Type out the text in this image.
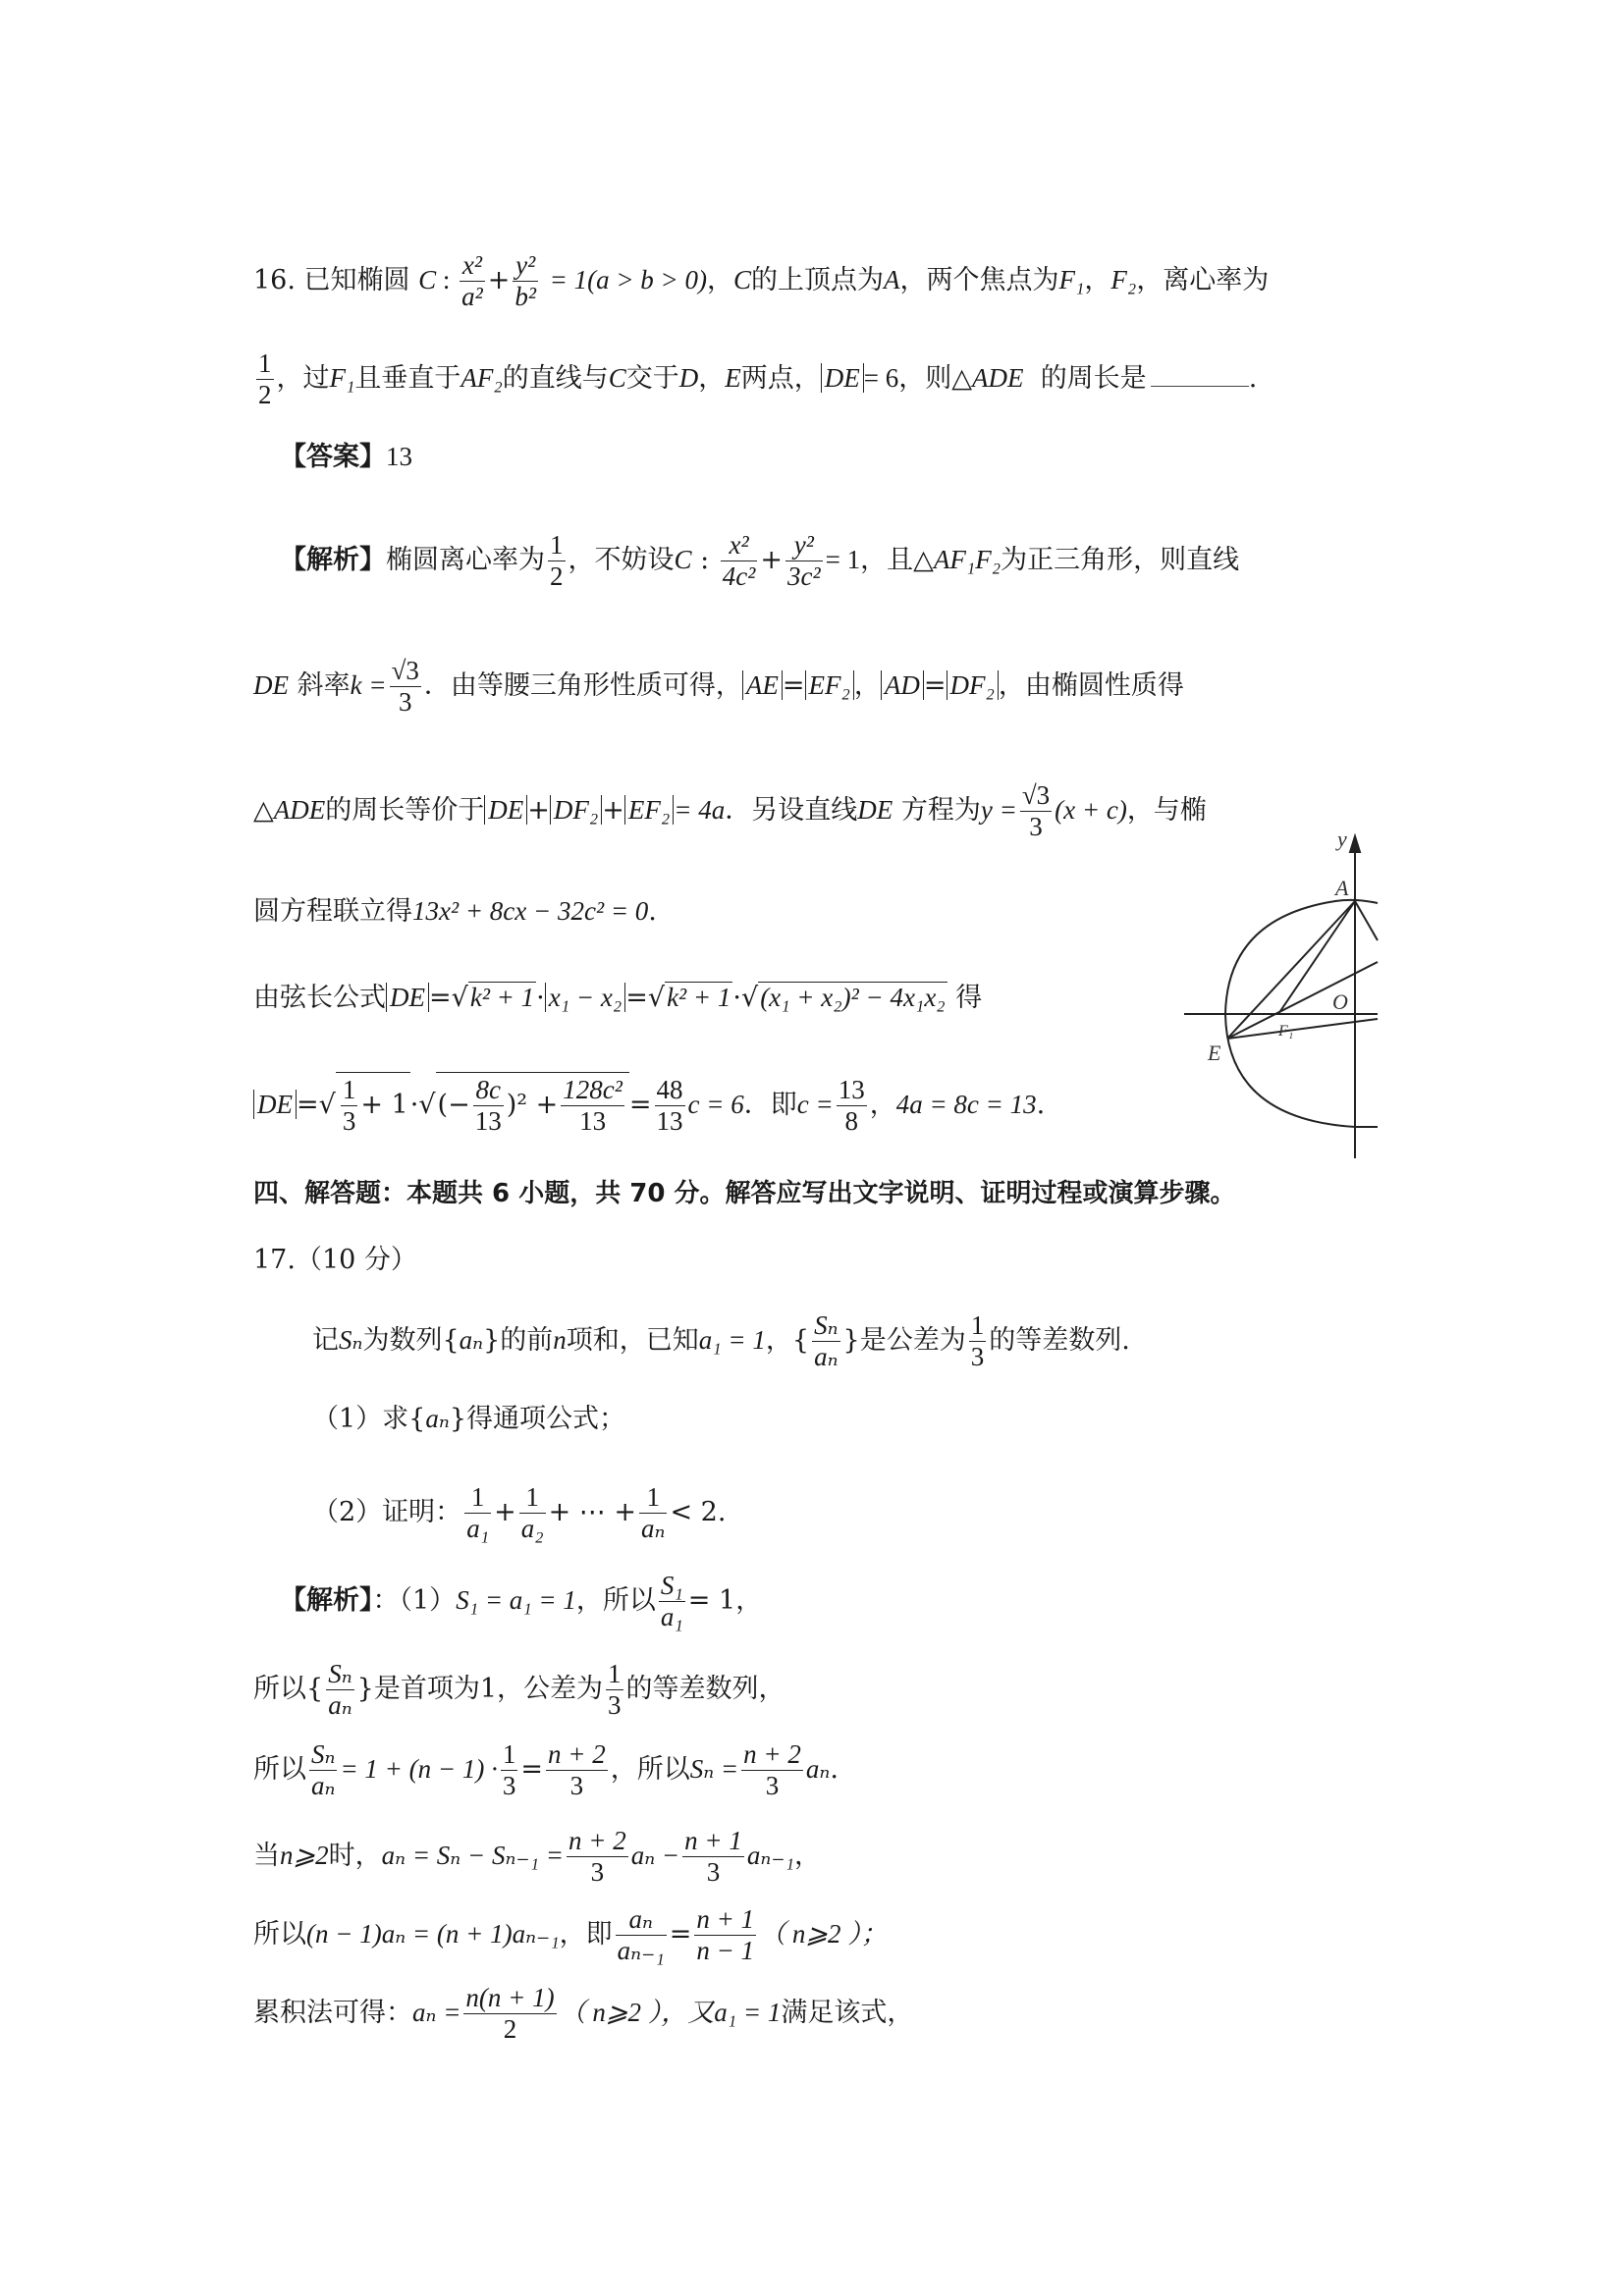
16. 已知椭圆 C : $\frac{\text{x²}}{\text{a²}} + \frac{\text{y²}}{\text{b²}} = 1(a > b > 0)$，C的上顶点为A，两个焦点为F₁，F₂，离心率为
$\frac{1}{2}$ ，过F₁且垂直于AF₂的直线与C交于D，E两点， DE = 6，则△ADE 的周长是	.
【答案】13
【解析】椭圆离心率为 $\frac{1}{2}$ ，不妨设C : $\frac{\text{x²}}{\text{4c²}} + \frac{\text{y²}}{\text{3c²}} = 1$，且△AF₁F₂为正三角形，则直线
DE 斜率$k = \frac{√3}{3}$ ．由等腰三角形性质可得， AE = EF₂ ， AD = DF₂ ，由椭圆性质得
△ADE的周长等价于 DE + DF₂ + EF₂ = 4a．另设直线DE 方程为$y = \frac{√3}{3} (x + c)$，与椭
圆方程联立得13x² + 8cx − 32c² = 0.
由弦长公式 DE =√k² + 1· x₁ − x₂ =√k² + 1·√(x₁ + x₂)² − 4x₁x₂ 得
DE =√ $\frac{1}{3} + 1\cdot√(- \frac{8c}{13} )^2 + \frac{\text{128c²}}{13} = \frac{48}{13}$ c = 6．即$c = \frac{13}{8}$ ，4a = 8c = 13.
y
A
O
E
F₁
四、解答题：本题共 6 小题，共 70 分。解答应写出文字说明、证明过程或演算步骤。
17.（10 分）
记Sₙ为数列{aₙ}的前n项和，已知a₁ = 1，{ $\frac{\text{Sₙ}}{\text{aₙ}}$ }是公差为 $\frac{1}{3}$ 的等差数列.
（1）求{aₙ}得通项公式；
（2）证明： $\frac{1}{\text{a₁}} + \frac{1}{\text{a₂}}$ + ⋯ + $\frac{1}{\text{aₙ}} < 2$.
【解析】：（1）S₁ = a₁ = 1，所以 $\frac{\text{S₁}}{\text{a₁}} = 1$，
所以{ $\frac{\text{Sₙ}}{\text{aₙ}}$ }是首项为1，公差为 $\frac{1}{3}$ 的等差数列，
所以 $\frac{\text{Sₙ}}{\text{aₙ}} = 1 + (n - 1) \cdot \frac{1}{3} = \frac{n + 2}{3}$ ，所以$S_n = \frac{n + 2}{3} a_n$.
当n⩾2时，$a_n = S_n - S_{n-1} = \frac{n + 2}{3}$ $a_n - \frac{n + 1}{3} a_{n-1}$，
所以(n − 1)aₙ = (n + 1)aₙ₋₁，即 $\frac{\text{aₙ}}{\text{aₙ₋₁}} = \frac{n + 1}{n - 1}$ （ n⩾2 ）；
累积法可得：$a_n = \frac{n(n + 1)}{2}$ （ n⩾2 ），又a₁ = 1满足该式，
